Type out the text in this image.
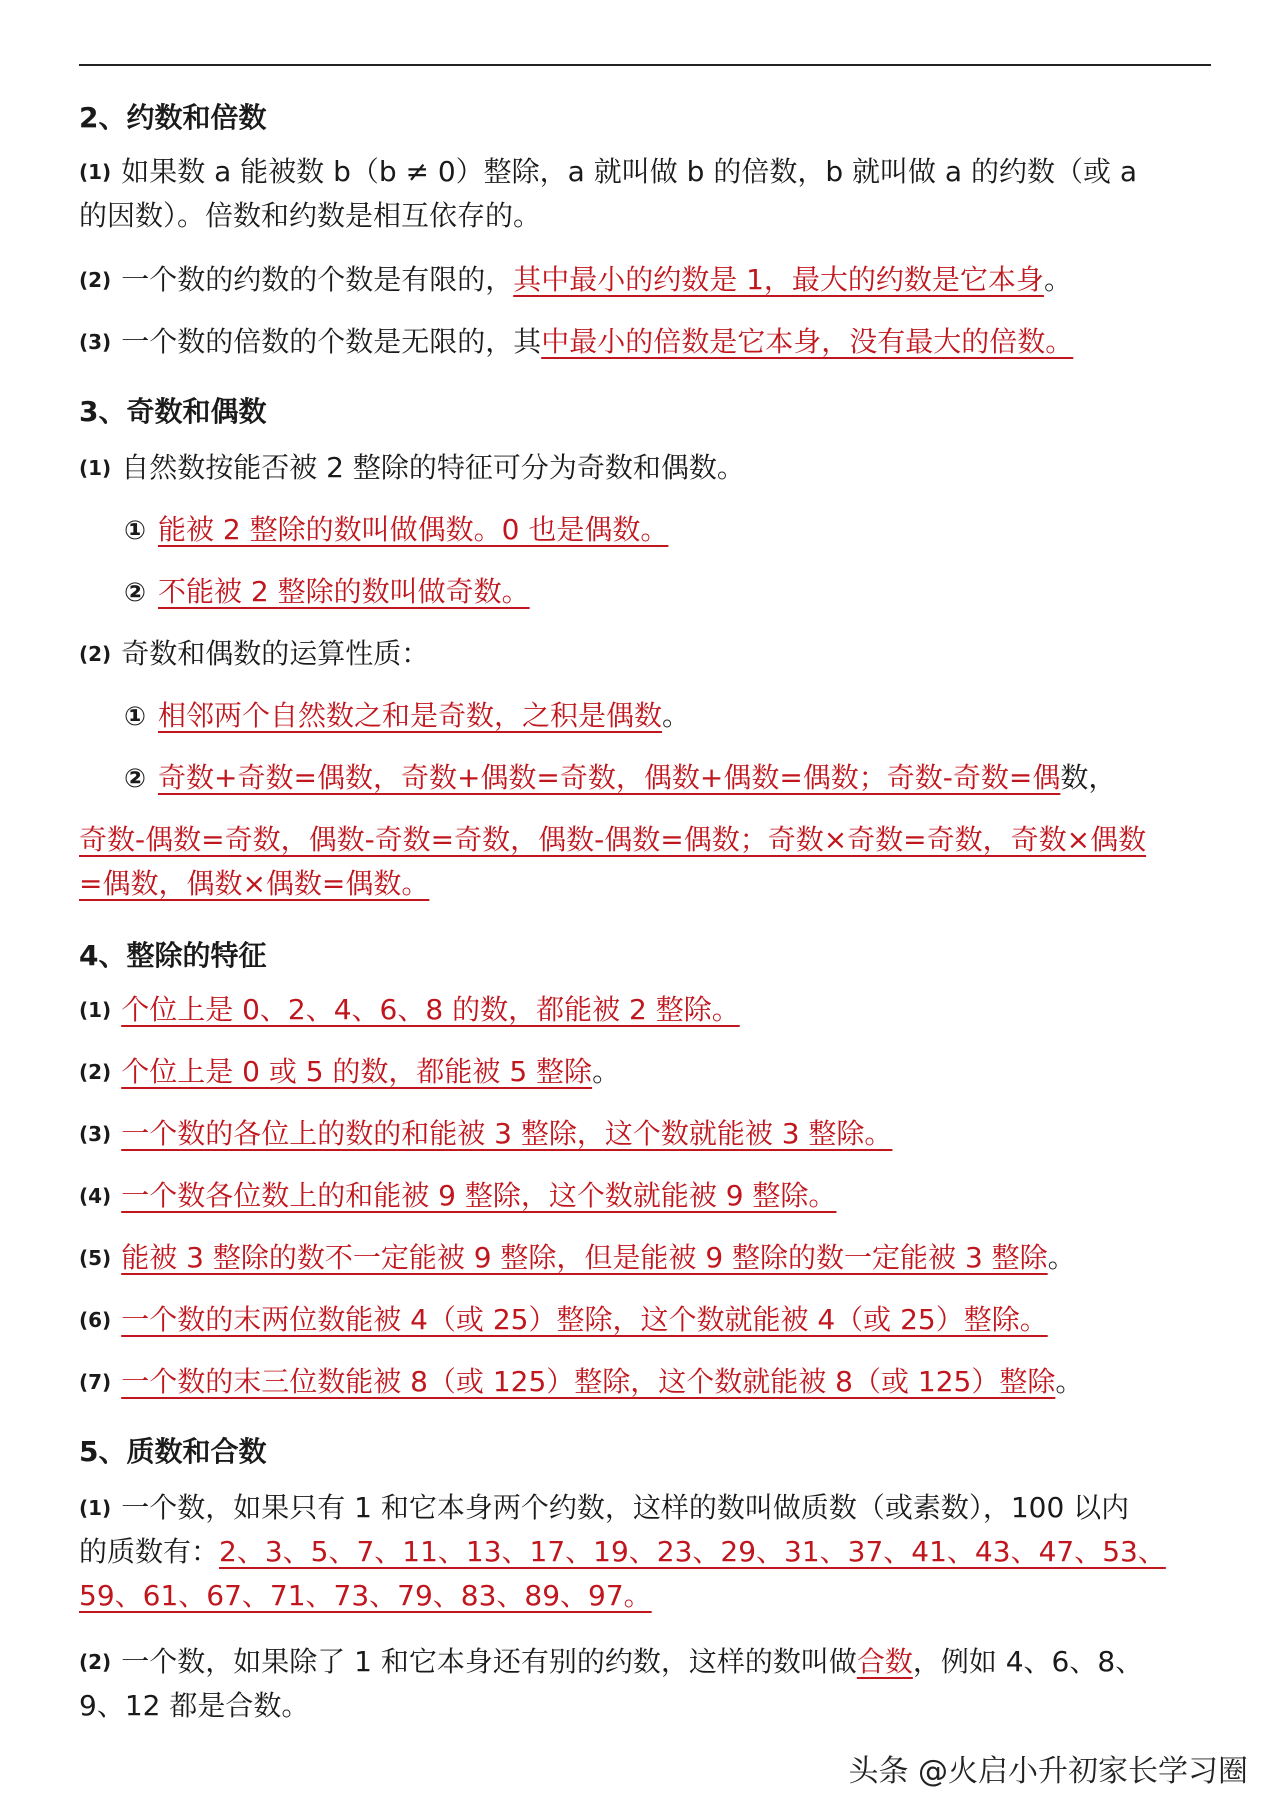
2、约数和倍数
(1) 如果数 a 能被数 b（b ≠ 0）整除，a 就叫做 b 的倍数，b 就叫做 a 的约数（或 a
的因数）。倍数和约数是相互依存的。
(2) 一个数的约数的个数是有限的，其中最小的约数是 1，最大的约数是它本身。
(3) 一个数的倍数的个数是无限的，其中最小的倍数是它本身，没有最大的倍数。
3、奇数和偶数
(1) 自然数按能否被 2 整除的特征可分为奇数和偶数。
① 能被 2 整除的数叫做偶数。0 也是偶数。
② 不能被 2 整除的数叫做奇数。
(2) 奇数和偶数的运算性质：
① 相邻两个自然数之和是奇数，之积是偶数。
② 奇数+奇数=偶数，奇数+偶数=奇数，偶数+偶数=偶数；奇数-奇数=偶数，
奇数-偶数=奇数，偶数-奇数=奇数，偶数-偶数=偶数；奇数×奇数=奇数，奇数×偶数
=偶数，偶数×偶数=偶数。
4、整除的特征
(1) 个位上是 0、2、4、6、8 的数，都能被 2 整除。
(2) 个位上是 0 或 5 的数，都能被 5 整除。
(3) 一个数的各位上的数的和能被 3 整除，这个数就能被 3 整除。
(4) 一个数各位数上的和能被 9 整除，这个数就能被 9 整除。
(5) 能被 3 整除的数不一定能被 9 整除，但是能被 9 整除的数一定能被 3 整除。
(6) 一个数的末两位数能被 4（或 25）整除，这个数就能被 4（或 25）整除。
(7) 一个数的末三位数能被 8（或 125）整除，这个数就能被 8（或 125）整除。
5、质数和合数
(1) 一个数，如果只有 1 和它本身两个约数，这样的数叫做质数（或素数），100 以内
的质数有：2、3、5、7、11、13、17、19、23、29、31、37、41、43、47、53、
59、61、67、71、73、79、83、89、97。
(2) 一个数，如果除了 1 和它本身还有别的约数，这样的数叫做合数，例如 4、6、8、
9、12 都是合数。
头条 @火启小升初家长学习圈
